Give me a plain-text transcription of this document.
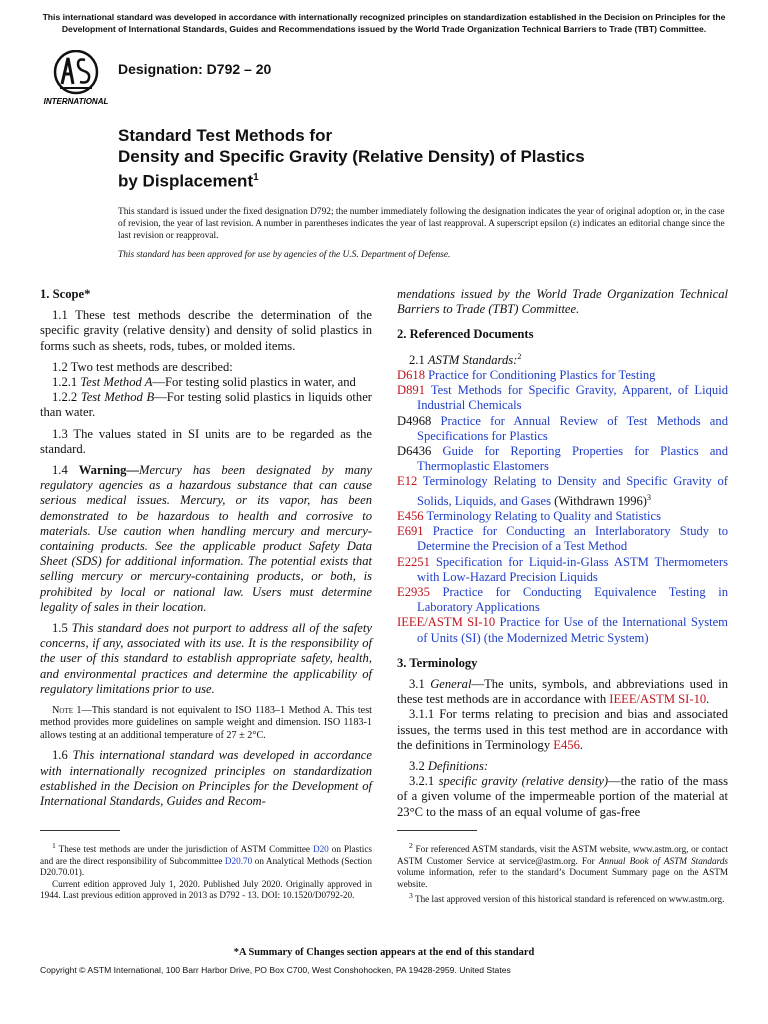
This international standard was developed in accordance with internationally recognized principles on standardization established in the Decision on Principles for the Development of International Standards, Guides and Recommendations issued by the World Trade Organization Technical Barriers to Trade (TBT) Committee.
INTERNATIONAL
Designation: D792 – 20
Standard Test Methods for
Density and Specific Gravity (Relative Density) of Plastics
by Displacement$^1$

This standard is issued under the fixed designation D792; the number immediately following the designation indicates the year of original adoption or, in the case of revision, the year of last revision. A number in parentheses indicates the year of last reapproval. A superscript epsilon (ε) indicates an editorial change since the last revision or reapproval.

This standard has been approved for use by agencies of the U.S. Department of Defense.

1. Scope*

1.1 These test methods describe the determination of the specific gravity (relative density) and density of solid plastics in forms such as sheets, rods, tubes, or molded items.

1.2 Two test methods are described:

1.2.1 Test Method A—For testing solid plastics in water, and

1.2.2 Test Method B—For testing solid plastics in liquids other than water.

1.3 The values stated in SI units are to be regarded as the standard.

1.4 Warning—Mercury has been designated by many regulatory agencies as a hazardous substance that can cause serious medical issues. Mercury, or its vapor, has been demonstrated to be hazardous to health and corrosive to materials. Use caution when handling mercury and mercury-containing products. See the applicable product Safety Data Sheet (SDS) for additional information. The potential exists that selling mercury or mercury-containing products, or both, is prohibited by local or national law. Users must determine legality of sales in their location.

1.5 This standard does not purport to address all of the safety concerns, if any, associated with its use. It is the responsibility of the user of this standard to establish appropriate safety, health, and environmental practices and determine the applicability of regulatory limitations prior to use.

Note 1—This standard is not equivalent to ISO 1183–1 Method A. This test method provides more guidelines on sample weight and dimension. ISO 1183-1 allows testing at an additional temperature of 27 ± 2°C.

1.6 This international standard was developed in accordance with internationally recognized principles on standardization established in the Decision on Principles for the Development of International Standards, Guides and Recom-

mendations issued by the World Trade Organization Technical Barriers to Trade (TBT) Committee.

2. Referenced Documents

2.1 ASTM Standards:$^2$

D618 Practice for Conditioning Plastics for Testing

D891 Test Methods for Specific Gravity, Apparent, of Liquid Industrial Chemicals

D4968 Practice for Annual Review of Test Methods and Specifications for Plastics

D6436 Guide for Reporting Properties for Plastics and Thermoplastic Elastomers

E12 Terminology Relating to Density and Specific Gravity of Solids, Liquids, and Gases (Withdrawn 1996)$^3$

E456 Terminology Relating to Quality and Statistics

E691 Practice for Conducting an Interlaboratory Study to Determine the Precision of a Test Method

E2251 Specification for Liquid-in-Glass ASTM Thermometers with Low-Hazard Precision Liquids

E2935 Practice for Conducting Equivalence Testing in Laboratory Applications

IEEE/ASTM SI-10 Practice for Use of the International System of Units (SI) (the Modernized Metric System)

3. Terminology

3.1 General—The units, symbols, and abbreviations used in these test methods are in accordance with IEEE/ASTM SI-10.

3.1.1 For terms relating to precision and bias and associated issues, the terms used in this test method are in accordance with the definitions in Terminology E456.

3.2 Definitions:

3.2.1 specific gravity (relative density)—the ratio of the mass of a given volume of the impermeable portion of the material at 23°C to the mass of an equal volume of gas-free

$^1$ These test methods are under the jurisdiction of ASTM Committee D20 on Plastics and are the direct responsibility of Subcommittee D20.70 on Analytical Methods (Section D20.70.01).

Current edition approved July 1, 2020. Published July 2020. Originally approved in 1944. Last previous edition approved in 2013 as D792 - 13. DOI: 10.1520/D0792-20.

$^2$ For referenced ASTM standards, visit the ASTM website, www.astm.org, or contact ASTM Customer Service at service@astm.org. For Annual Book of ASTM Standards volume information, refer to the standard’s Document Summary page on the ASTM website.

$^3$ The last approved version of this historical standard is referenced on www.astm.org.

*A Summary of Changes section appears at the end of this standard
Copyright © ASTM International, 100 Barr Harbor Drive, PO Box C700, West Conshohocken, PA 19428-2959. United States
